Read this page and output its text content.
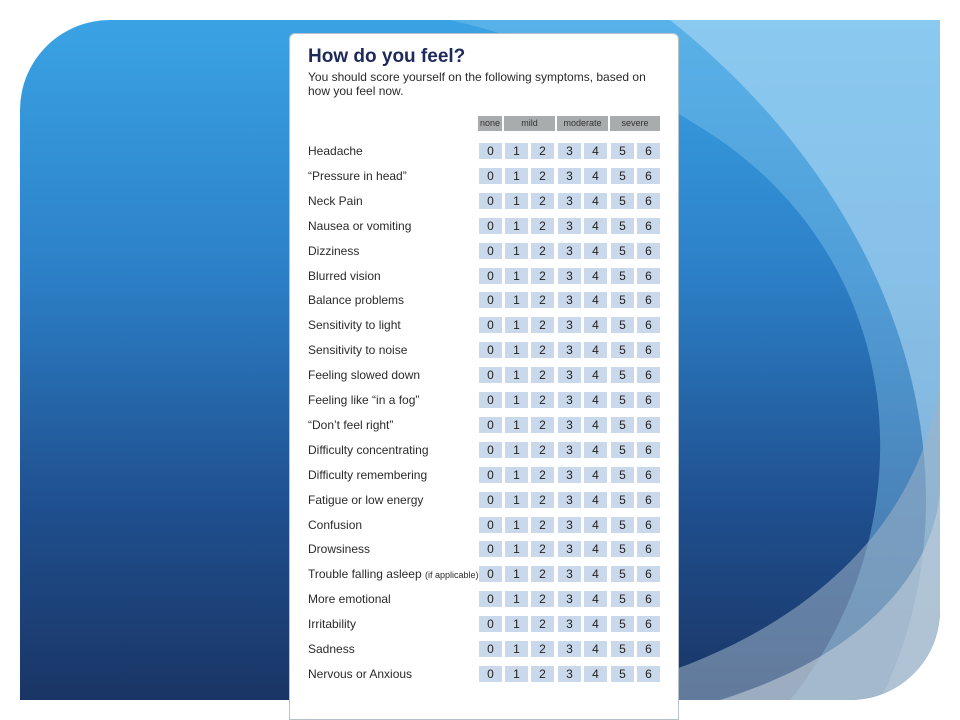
How do you feel?

You should score yourself on the following symptoms, based on how you feel now.

none	mild	moderate	severe
Headache	0	1	2	3	4	5	6
“Pressure in head”	0	1	2	3	4	5	6
Neck Pain	0	1	2	3	4	5	6
Nausea or vomiting	0	1	2	3	4	5	6
Dizziness	0	1	2	3	4	5	6
Blurred vision	0	1	2	3	4	5	6
Balance problems	0	1	2	3	4	5	6
Sensitivity to light	0	1	2	3	4	5	6
Sensitivity to noise	0	1	2	3	4	5	6
Feeling slowed down	0	1	2	3	4	5	6
Feeling like “in a fog”	0	1	2	3	4	5	6
“Don’t feel right”	0	1	2	3	4	5	6
Difficulty concentrating	0	1	2	3	4	5	6
Difficulty remembering	0	1	2	3	4	5	6
Fatigue or low energy	0	1	2	3	4	5	6
Confusion	0	1	2	3	4	5	6
Drowsiness	0	1	2	3	4	5	6
Trouble falling asleep (if applicable) 0	1	2	3	4	5	6
More emotional	0	1	2	3	4	5	6
Irritability	0	1	2	3	4	5	6
Sadness	0	1	2	3	4	5	6
Nervous or Anxious	0	1	2	3	4	5	6
